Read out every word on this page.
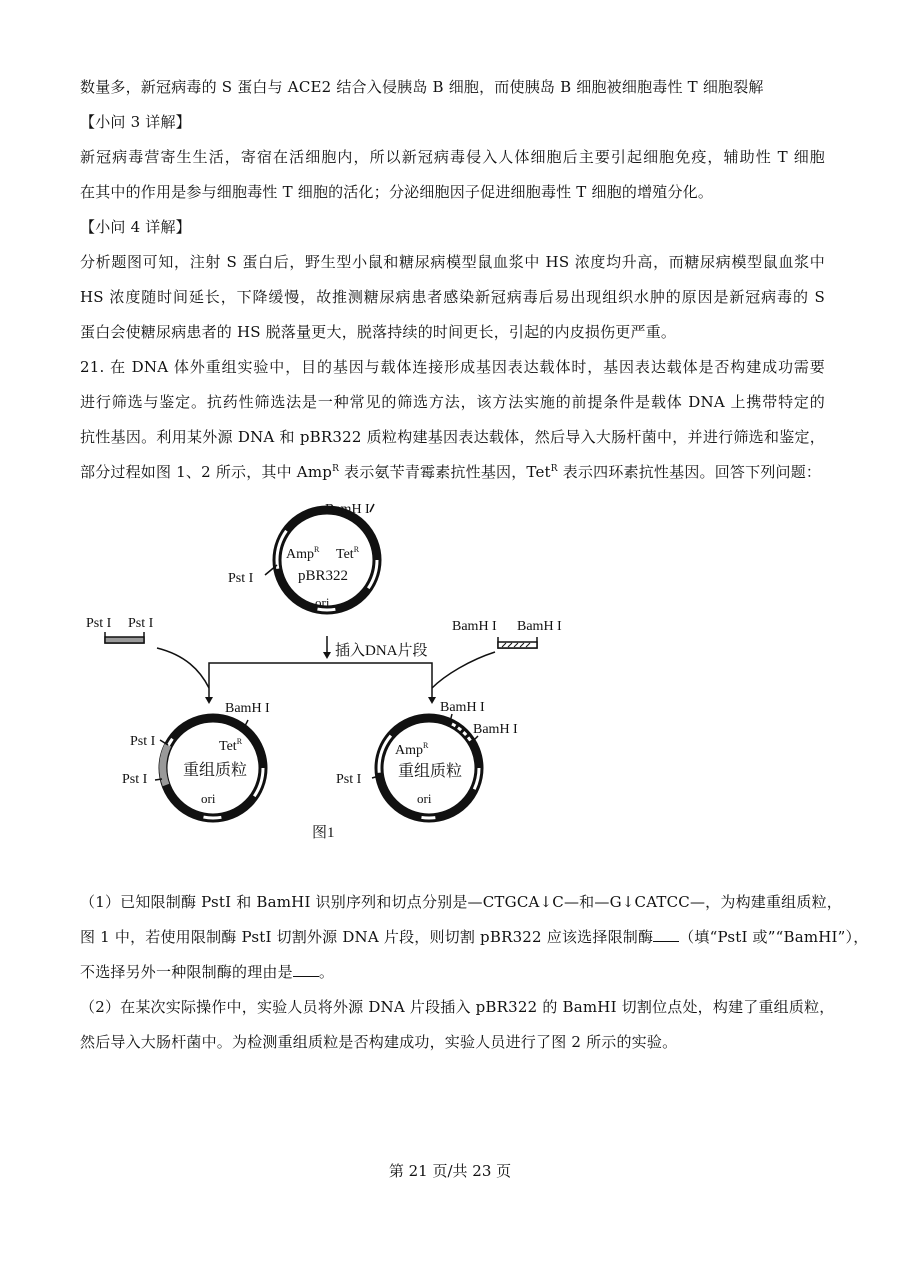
数量多，新冠病毒的 S 蛋白与 ACE2 结合入侵胰岛 B 细胞，而使胰岛 B 细胞被细胞毒性 T 细胞裂解
【小问 3 详解】
新冠病毒营寄生生活，寄宿在活细胞内，所以新冠病毒侵入人体细胞后主要引起细胞免疫，辅助性 T 细胞
在其中的作用是参与细胞毒性 T 细胞的活化；分泌细胞因子促进细胞毒性 T 细胞的增殖分化。
【小问 4 详解】
分析题图可知，注射 S 蛋白后，野生型小鼠和糖尿病模型鼠血浆中 HS 浓度均升高，而糖尿病模型鼠血浆中
HS 浓度随时间延长，下降缓慢，故推测糖尿病患者感染新冠病毒后易出现组织水肿的原因是新冠病毒的 S
蛋白会使糖尿病患者的 HS 脱落量更大，脱落持续的时间更长，引起的内皮损伤更严重。
21. 在 DNA 体外重组实验中，目的基因与载体连接形成基因表达载体时，基因表达载体是否构建成功需要
进行筛选与鉴定。抗药性筛选法是一种常见的筛选方法，该方法实施的前提条件是载体 DNA 上携带特定的
抗性基因。利用某外源 DNA 和 pBR322 质粒构建基因表达载体，然后导入大肠杆菌中，并进行筛选和鉴定，
部分过程如图 1、2 所示，其中 Amp$^R$ 表示氨苄青霉素抗性基因，Tet$^R$ 表示四环素抗性基因。回答下列问题：
BamH I
Pst I
Amp$^R$ Tet$^R$
pBR322
ori
Pst I Pst I	BamH I BamH I
插入DNA片段
BamH I
Pst I
Pst I
Tet$^R$
重组质粒
ori
BamH I
BamH I
Pst I
Amp$^R$
重组质粒
ori
图1
（1）已知限制酶 PstI 和 BamHI 识别序列和切点分别是—CTGCA↓C—和—G↓CATCC—，为构建重组质粒，
图 1 中，若使用限制酶 PstI 切割外源 DNA 片段，则切割 pBR322 应该选择限制酶 （填“PstI 或”“BamHI”），
不选择另外一种限制酶的理由是 。
（2）在某次实际操作中，实验人员将外源 DNA 片段插入 pBR322 的 BamHI 切割位点处，构建了重组质粒，
然后导入大肠杆菌中。为检测重组质粒是否构建成功，实验人员进行了图 2 所示的实验。
第 21 页/共 23 页
